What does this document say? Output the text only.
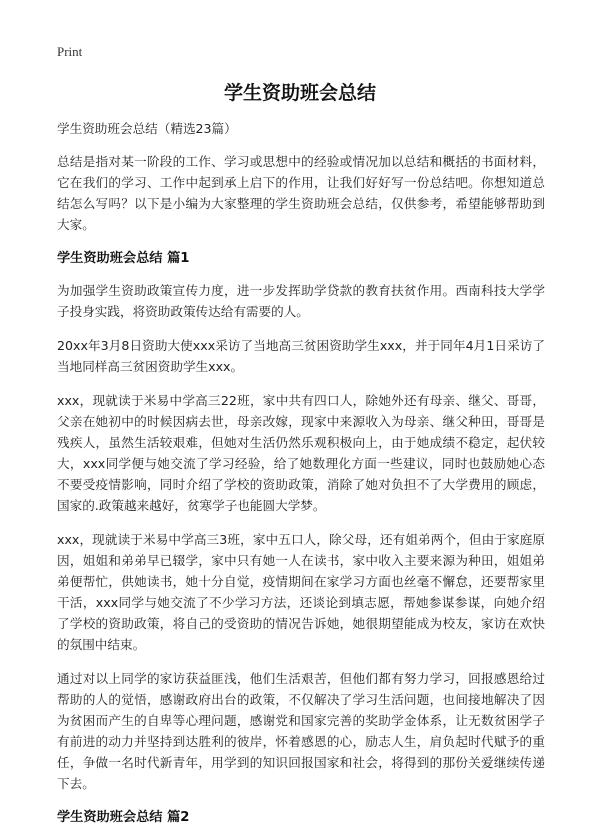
Print
学生资助班会总结

学生资助班会总结（精选23篇）

总结是指对某一阶段的工作、学习或思想中的经验或情况加以总结和概括的书面材料，它在我们的学习、工作中起到承上启下的作用，让我们好好写一份总结吧。你想知道总结怎么写吗？以下是小编为大家整理的学生资助班会总结，仅供参考，希望能够帮助到大家。

学生资助班会总结 篇1

为加强学生资助政策宣传力度，进一步发挥助学贷款的教育扶贫作用。西南科技大学学子投身实践，将资助政策传达给有需要的人。

20xx年3月8日资助大使xxx采访了当地高三贫困资助学生xxx，并于同年4月1日采访了当地同样高三贫困资助学生xxx。

xxx，现就读于米易中学高三22班，家中共有四口人，除她外还有母亲、继父、哥哥，父亲在她初中的时候因病去世，母亲改嫁，现家中来源收入为母亲、继父种田，哥哥是残疾人，虽然生活较艰难，但她对生活仍然乐观积极向上，由于她成绩不稳定，起伏较大，xxx同学便与她交流了学习经验，给了她数理化方面一些建议，同时也鼓励她心态不要受疫情影响，同时介绍了学校的资助政策，消除了她对负担不了大学费用的顾虑，国家的.政策越来越好，贫寒学子也能圆大学梦。

xxx，现就读于米易中学高三3班，家中五口人，除父母，还有姐弟两个，但由于家庭原因，姐姐和弟弟早已辍学，家中只有她一人在读书，家中收入主要来源为种田，姐姐弟弟便帮忙，供她读书，她十分自觉，疫情期间在家学习方面也丝毫不懈怠，还要帮家里干活，xxx同学与她交流了不少学习方法，还谈论到填志愿，帮她参谋参谋，向她介绍了学校的资助政策，将自己的受资助的情况告诉她，她很期望能成为校友，家访在欢快的氛围中结束。

通过对以上同学的家访获益匪浅，他们生活艰苦，但他们都有努力学习，回报感恩给过帮助的人的觉悟，感谢政府出台的政策，不仅解决了学习生活问题，也间接地解决了因为贫困而产生的自卑等心理问题，感谢党和国家完善的奖助学金体系，让无数贫困学子有前进的动力并坚持到达胜利的彼岸，怀着感恩的心，励志人生，肩负起时代赋予的重任，争做一名时代新青年，用学到的知识回报国家和社会，将得到的那份关爱继续传递下去。

学生资助班会总结 篇2
